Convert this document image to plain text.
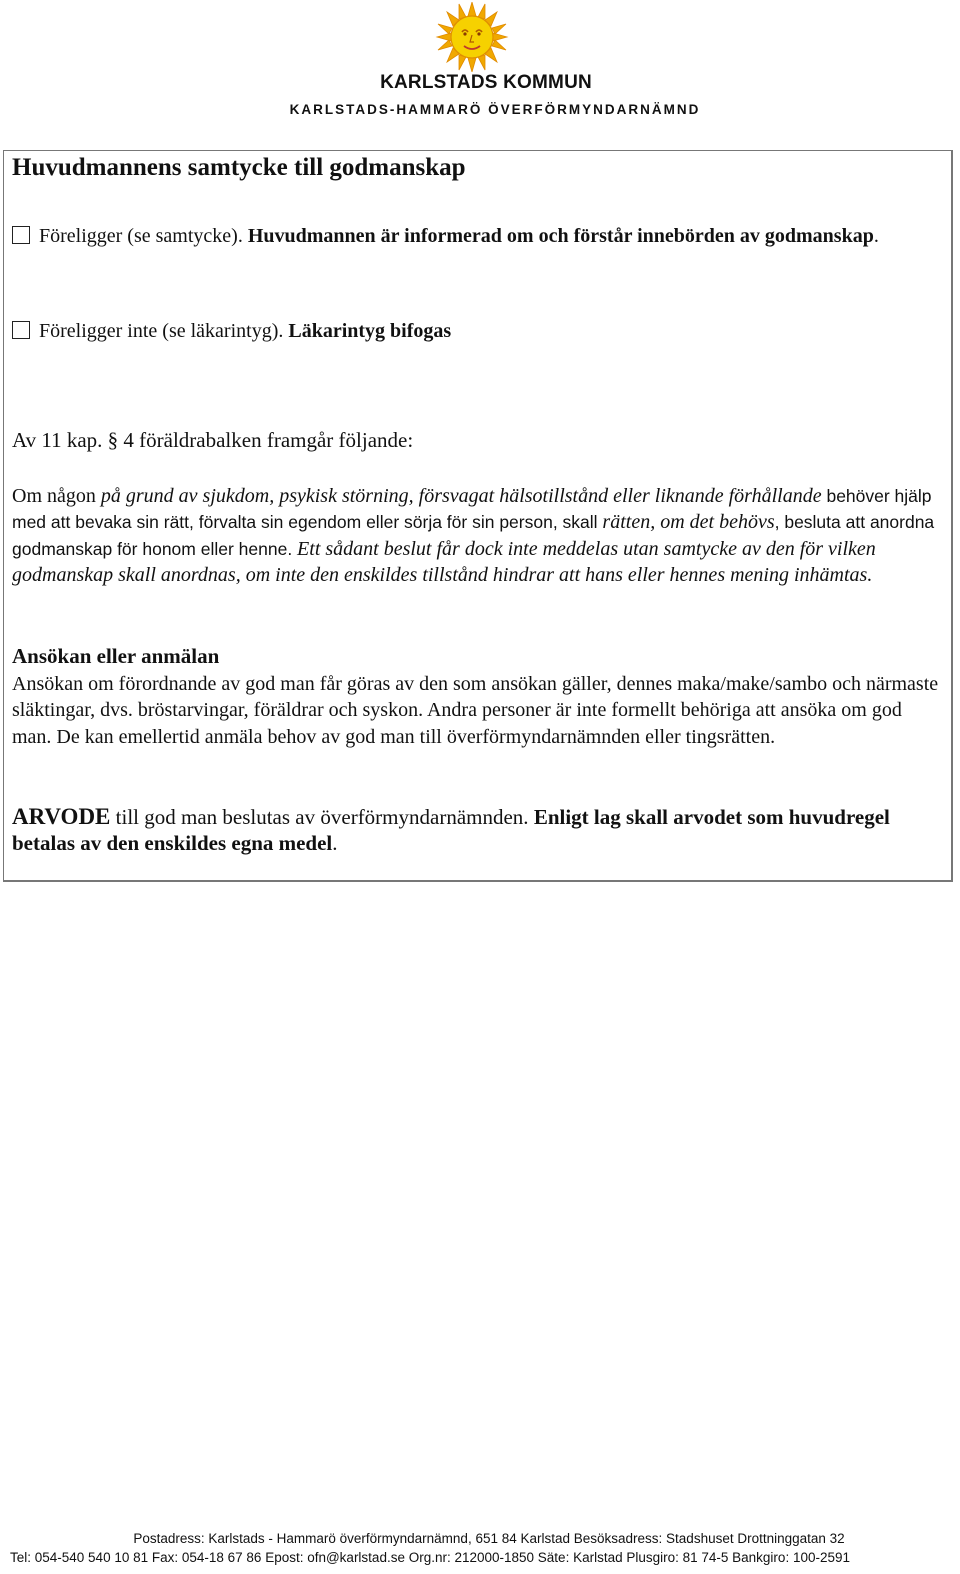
KARLSTADS KOMMUN
KARLSTADS-HAMMARÖ ÖVERFÖRMYNDARNÄMND
Huvudmannens samtycke till godmanskap
Föreligger (se samtycke). Huvudmannen är informerad om och förstår innebörden av godmanskap.
Föreligger inte (se läkarintyg). Läkarintyg bifogas
Av 11 kap. § 4 föräldrabalken framgår följande:
Om någon på grund av sjukdom, psykisk störning, försvagat hälsotillstånd eller liknande förhållande behöver hjälp med att bevaka sin rätt, förvalta sin egendom eller sörja för sin person, skall rätten, om det behövs, besluta att anordna godmanskap för honom eller henne. Ett sådant beslut får dock inte meddelas utan samtycke av den för vilken godmanskap skall anordnas, om inte den enskildes tillstånd hindrar att hans eller hennes mening inhämtas.
Ansökan eller anmälan
Ansökan om förordnande av god man får göras av den som ansökan gäller, dennes maka/make/sambo och närmaste släktingar, dvs. bröstarvingar, föräldrar och syskon. Andra personer är inte formellt behöriga att ansöka om god man. De kan emellertid anmäla behov av god man till överförmyndarnämnden eller tingsrätten.
ARVODE till god man beslutas av överförmyndarnämnden. Enligt lag skall arvodet som huvudregel betalas av den enskildes egna medel.
Postadress: Karlstads - Hammarö överförmyndarnämnd, 651 84 Karlstad Besöksadress: Stadshuset Drottninggatan 32
Tel: 054-540 540 10 81 Fax: 054-18 67 86 Epost: ofn@karlstad.se Org.nr: 212000-1850 Säte: Karlstad Plusgiro: 81 74-5 Bankgiro: 100-2591
